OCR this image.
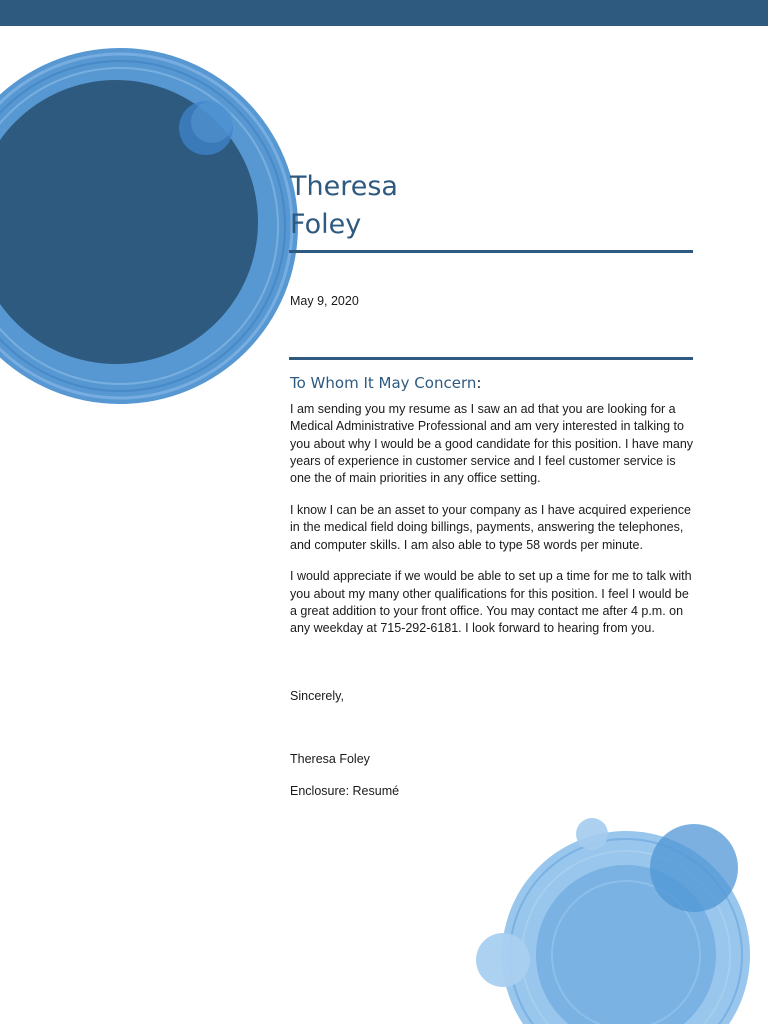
Theresa
Foley
May 9, 2020
To Whom It May Concern:

I am sending you my resume as I saw an ad that you are looking for a Medical Administrative Professional and am very interested in talking to you about why I would be a good candidate for this position. I have many years of experience in customer service and I feel customer service is one the of main priorities in any office setting.

I know I can be an asset to your company as I have acquired experience in the medical field doing billings, payments, answering the telephones, and computer skills. I am also able to type 58 words per minute.

I would appreciate if we would be able to set up a time for me to talk with you about my many other qualifications for this position. I feel I would be a great addition to your front office. You may contact me after 4 p.m. on any weekday at 715-292-6181. I look forward to hearing from you.

Sincerely,
Theresa Foley
Enclosure: Resumé
